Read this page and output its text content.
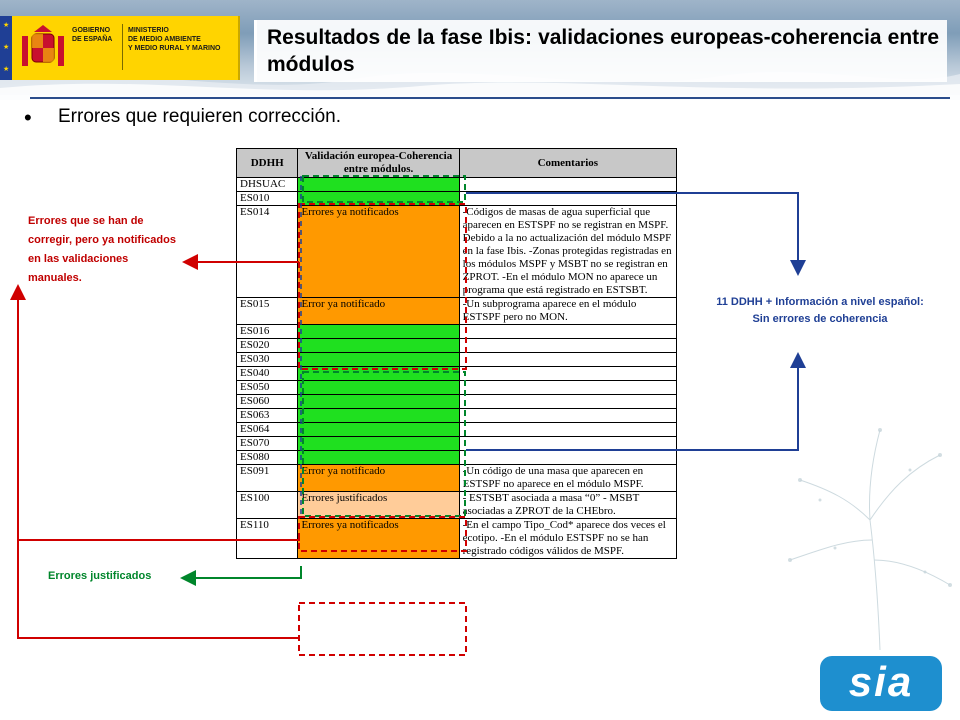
★
★
★
GOBIERNO
DE ESPAÑA
MINISTERIO
DE MEDIO AMBIENTE
Y MEDIO RURAL Y MARINO	Resultados de la fase Ibis: validaciones europeas-coherencia entre módulos
• Errores que requieren corrección.
DDHH	Validación europea-Coherencia entre módulos.	Comentarios
DHSUAC		
ES010		
ES014	Errores ya notificados	-Códigos de masas de agua superficial que aparecen en ESTSPF no se registran en MSPF. Debido a la no actualización del módulo MSPF en la fase Ibis. -Zonas protegidas registradas en los módulos MSPF y MSBT no se registran en ZPROT. -En el módulo MON no aparece un programa que está registrado en ESTSBT.
ES015	Error ya notificado	-Un subprograma aparece en el módulo ESTSPF pero no MON.
ES016		
ES020		
ES030		
ES040		
ES050		
ES060		
ES063		
ES064		
ES070		
ES080		
ES091	Error ya notificado	-Un código de una masa que aparecen en ESTSPF no aparece en el módulo MSPF.
ES100	Errores justificados	- ESTSBT asociada a masa “0” - MSBT asociadas a ZPROT de la CHEbro.
ES110	Errores ya notificados	-En el campo Tipo_Cod* aparece dos veces el ecotipo. -En el módulo ESTSPF no se han registrado códigos válidos de MSPF.
Errores que se han de corregir, pero ya notificados en las validaciones manuales.
Errores justificados
11 DDHH + Información a nivel español:
Sin errores de coherencia
sia
